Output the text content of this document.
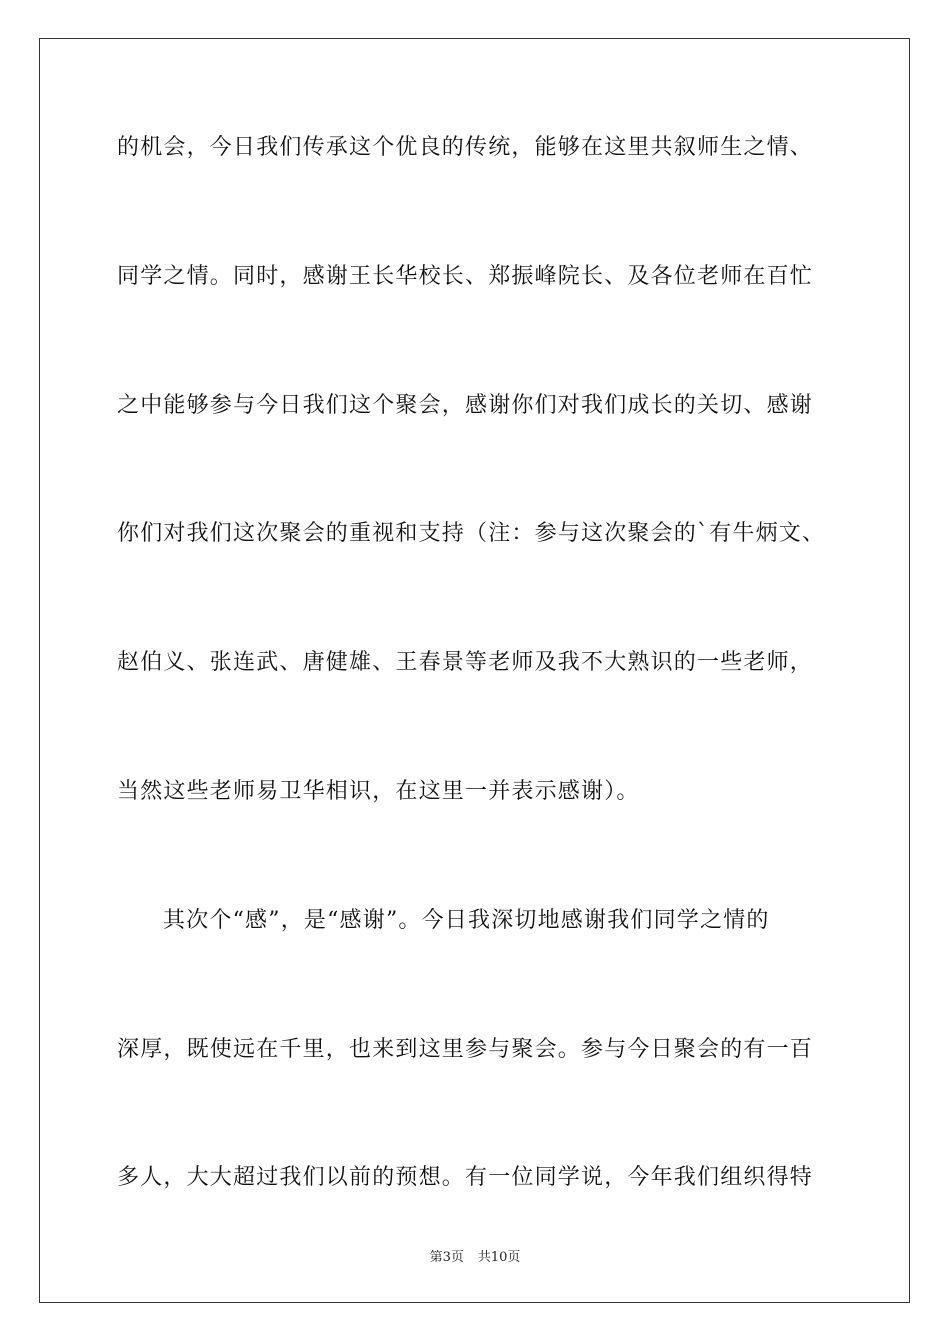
的机会，今日我们传承这个优良的传统，能够在这里共叙师生之情、
同学之情。同时，感谢王长华校长、郑振峰院长、及各位老师在百忙
之中能够参与今日我们这个聚会，感谢你们对我们成长的关切、感谢
你们对我们这次聚会的重视和支持（注：参与这次聚会的`有牛炳文、
赵伯义、张连武、唐健雄、王春景等老师及我不大熟识的一些老师，
当然这些老师易卫华相识，在这里一并表示感谢）。
其次个“感”，是“感谢”。今日我深切地感谢我们同学之情的
深厚，既使远在千里，也来到这里参与聚会。参与今日聚会的有一百
多人，大大超过我们以前的预想。有一位同学说，今年我们组织得特
第3页 共10页
